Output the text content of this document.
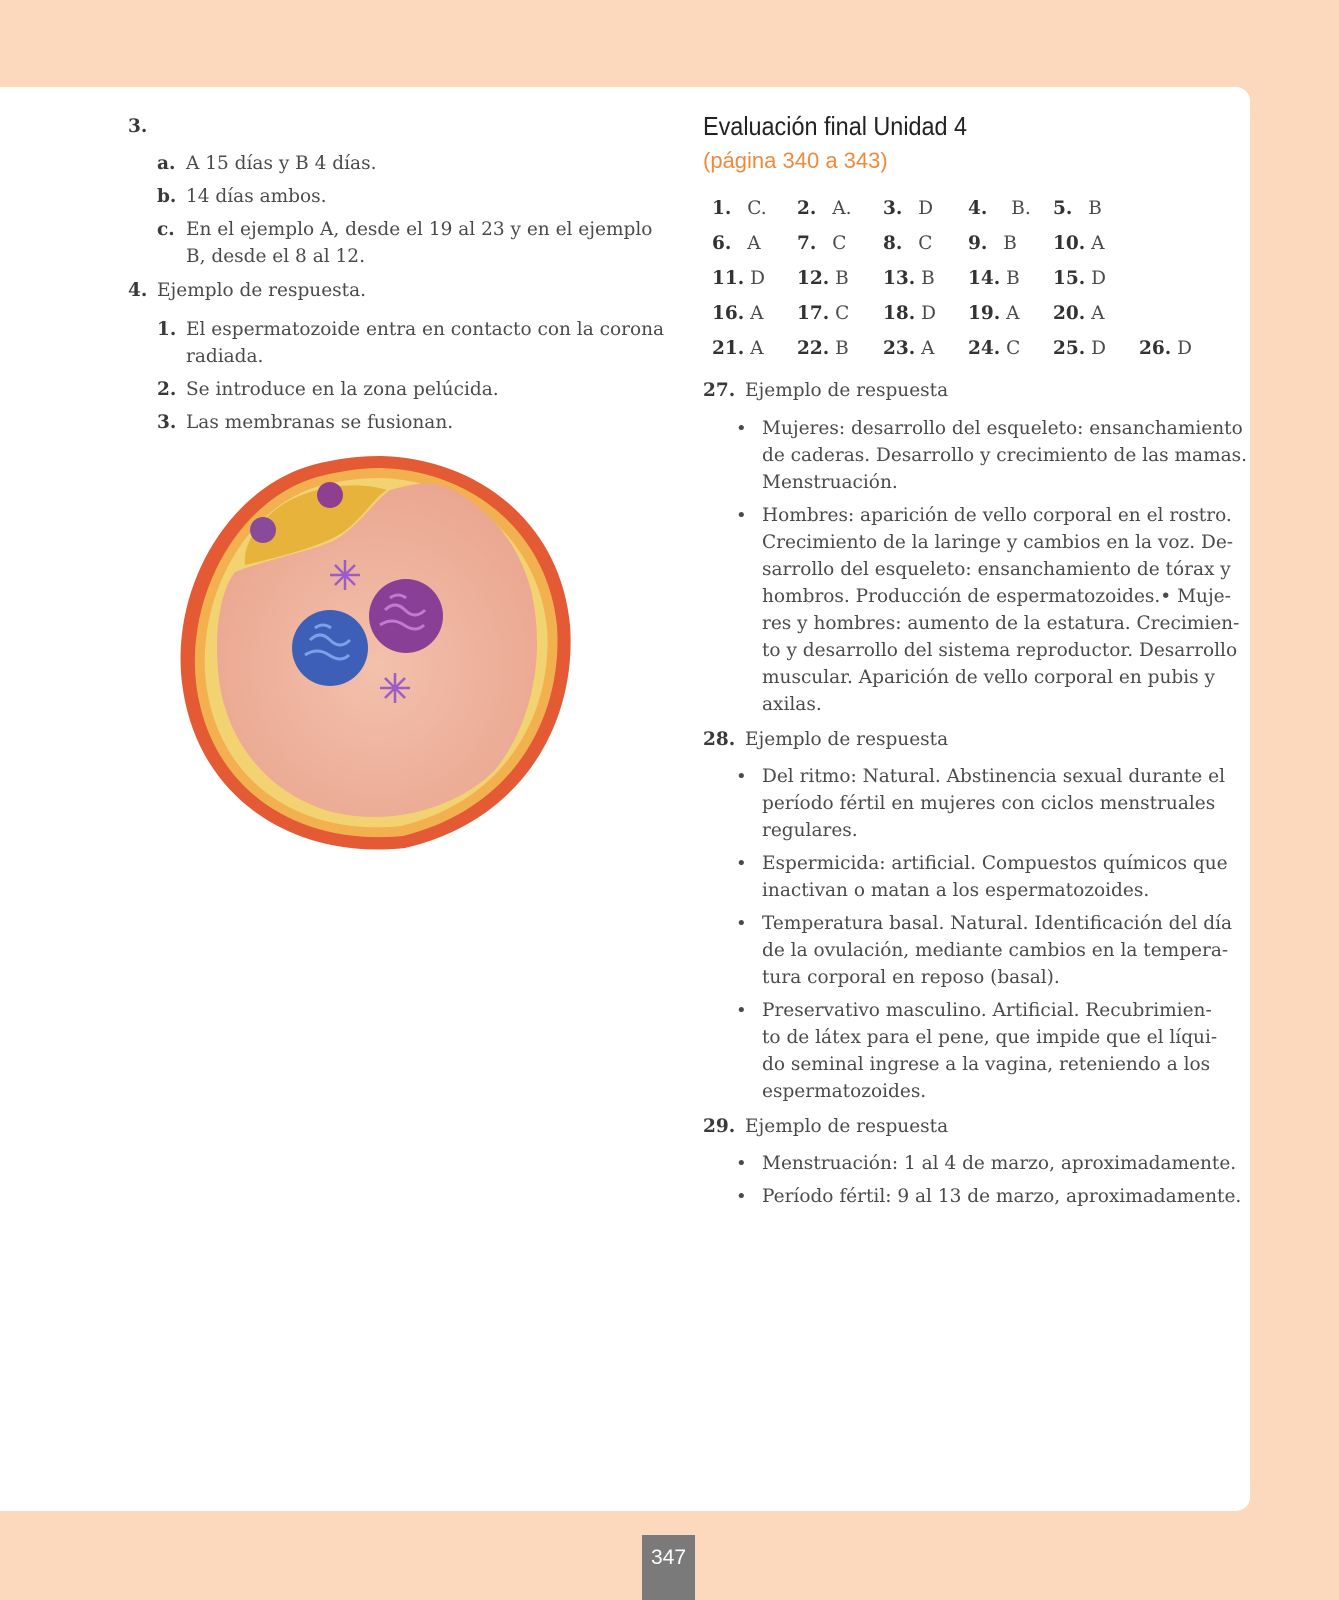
3.
a. A 15 días y B 4 días.
b. 14 días ambos.
c. En el ejemplo A, desde el 19 al 23 y en el ejemplo
B, desde el 8 al 12.
4. Ejemplo de respuesta.
1. El espermatozoide entra en contacto con la corona
radiada.
2. Se introduce en la zona pelúcida.
3. Las membranas se fusionan.
Evaluación final Unidad 4
(página 340 a 343)
1. C. 2. A. 3. D 4. B. 5. B
6. A 7. C 8. C 9. B 10. A
11. D 12. B 13. B 14. B 15. D
16. A 17. C 18. D 19. A 20. A
21. A 22. B 23. A 24. C 25. D 26. D
27. Ejemplo de respuesta
• Mujeres: desarrollo del esqueleto: ensanchamiento
de caderas. Desarrollo y crecimiento de las mamas.
Menstruación.
• Hombres: aparición de vello corporal en el rostro.
Crecimiento de la laringe y cambios en la voz. De-
sarrollo del esqueleto: ensanchamiento de tórax y
hombros. Producción de espermatozoides.• Muje-
res y hombres: aumento de la estatura. Crecimien-
to y desarrollo del sistema reproductor. Desarrollo
muscular. Aparición de vello corporal en pubis y
axilas.
28. Ejemplo de respuesta
• Del ritmo: Natural. Abstinencia sexual durante el
período fértil en mujeres con ciclos menstruales
regulares.
• Espermicida: artificial. Compuestos químicos que
inactivan o matan a los espermatozoides.
• Temperatura basal. Natural. Identificación del día
de la ovulación, mediante cambios en la tempera-
tura corporal en reposo (basal).
• Preservativo masculino. Artificial. Recubrimien-
to de látex para el pene, que impide que el líqui-
do seminal ingrese a la vagina, reteniendo a los
espermatozoides.
29. Ejemplo de respuesta
• Menstruación: 1 al 4 de marzo, aproximadamente.
• Período fértil: 9 al 13 de marzo, aproximadamente.
347
